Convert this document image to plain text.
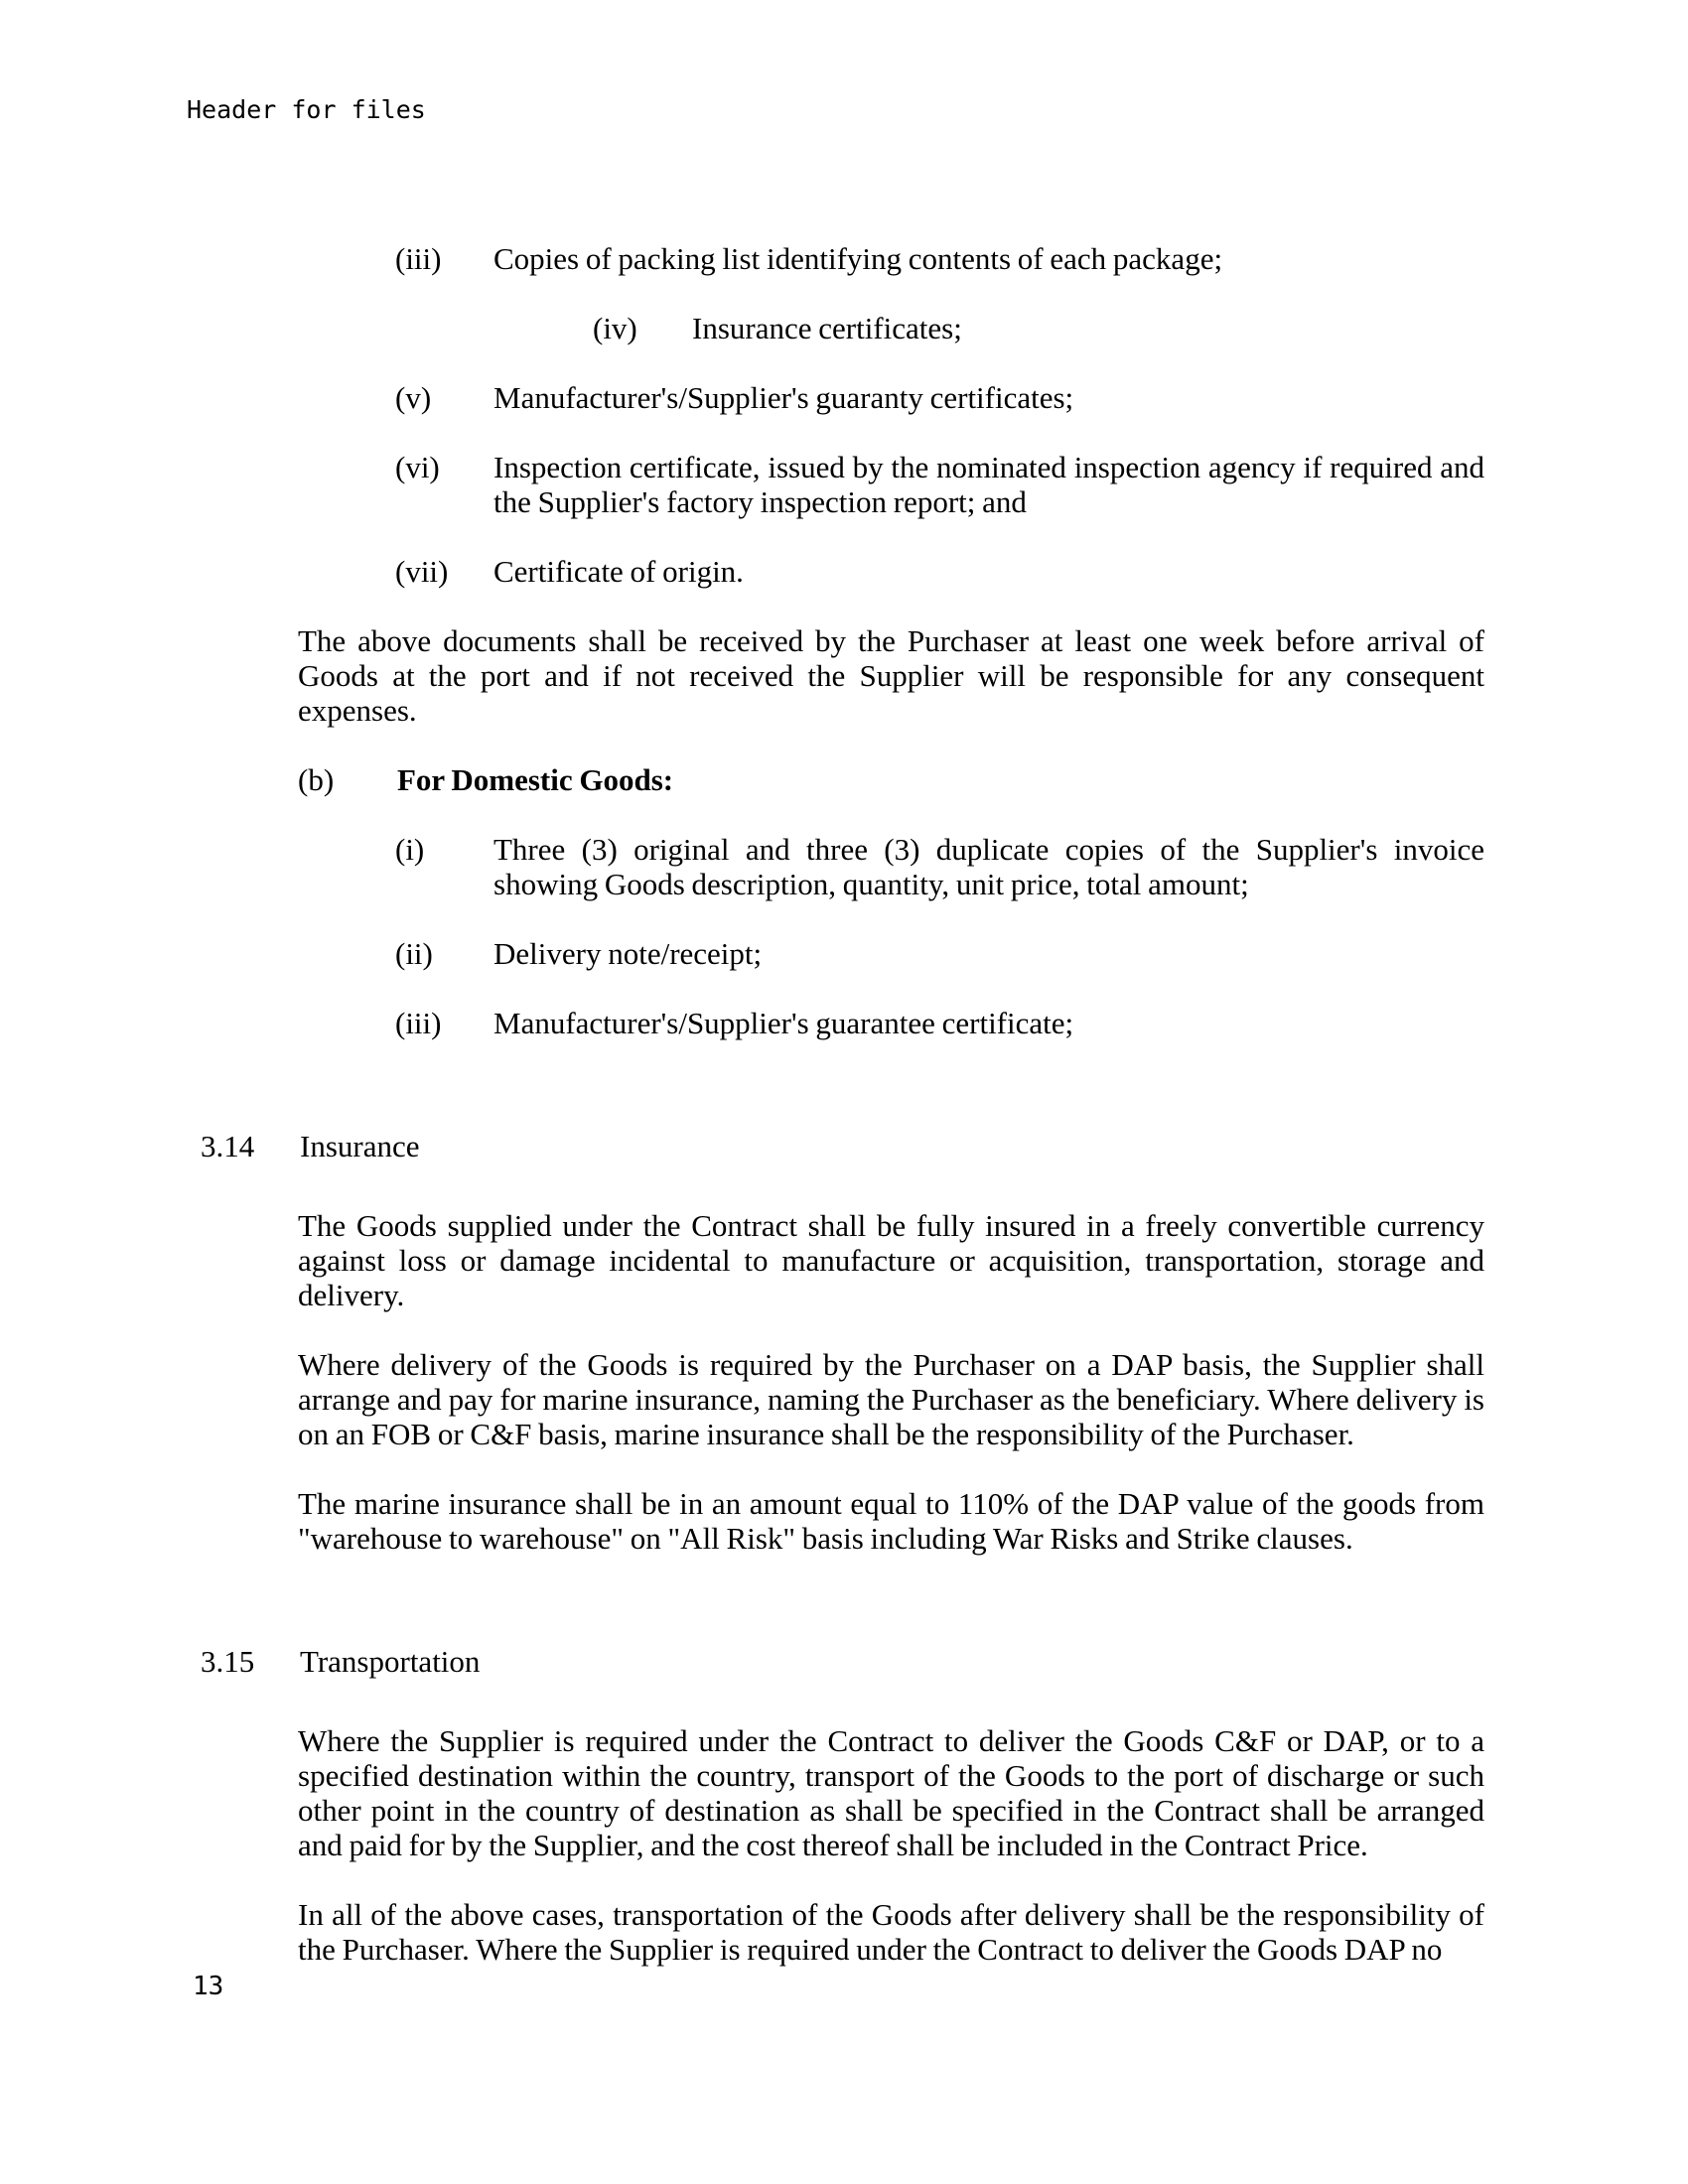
Header for files
(iii)	Copies of packing list identifying contents of each package;
(iv)	Insurance certificates;
(v)	Manufacturer's/Supplier's guaranty certificates;
(vi)	Inspection certificate, issued by the nominated inspection agency if required and the Supplier's factory inspection report; and
(vii)	Certificate of origin.
The above documents shall be received by the Purchaser at least one week before arrival of Goods at the port and if not received the Supplier will be responsible for any consequent expenses.
(b)	For Domestic Goods:
(i)	Three (3) original and three (3) duplicate copies of the Supplier's invoice showing Goods description, quantity, unit price, total amount;
(ii)	Delivery note/receipt;
(iii)	Manufacturer's/Supplier's guarantee certificate;
3.14	Insurance
The Goods supplied under the Contract shall be fully insured in a freely convertible currency against loss or damage incidental to manufacture or acquisition, transportation, storage and delivery.
Where delivery of the Goods is required by the Purchaser on a DAP basis, the Supplier shall arrange and pay for marine insurance, naming the Purchaser as the beneficiary. Where delivery is on an FOB or C&F basis, marine insurance shall be the responsibility of the Purchaser.
The marine insurance shall be in an amount equal to 110% of the DAP value of the goods from "warehouse to warehouse" on "All Risk" basis including War Risks and Strike clauses.
3.15	Transportation
Where the Supplier is required under the Contract to deliver the Goods C&F or DAP, or to a specified destination within the country, transport of the Goods to the port of discharge or such other point in the country of destination as shall be specified in the Contract shall be arranged and paid for by the Supplier, and the cost thereof shall be included in the Contract Price.
In all of the above cases, transportation of the Goods after delivery shall be the responsibility of the Purchaser. Where the Supplier is required under the Contract to deliver the Goods DAP no
13
